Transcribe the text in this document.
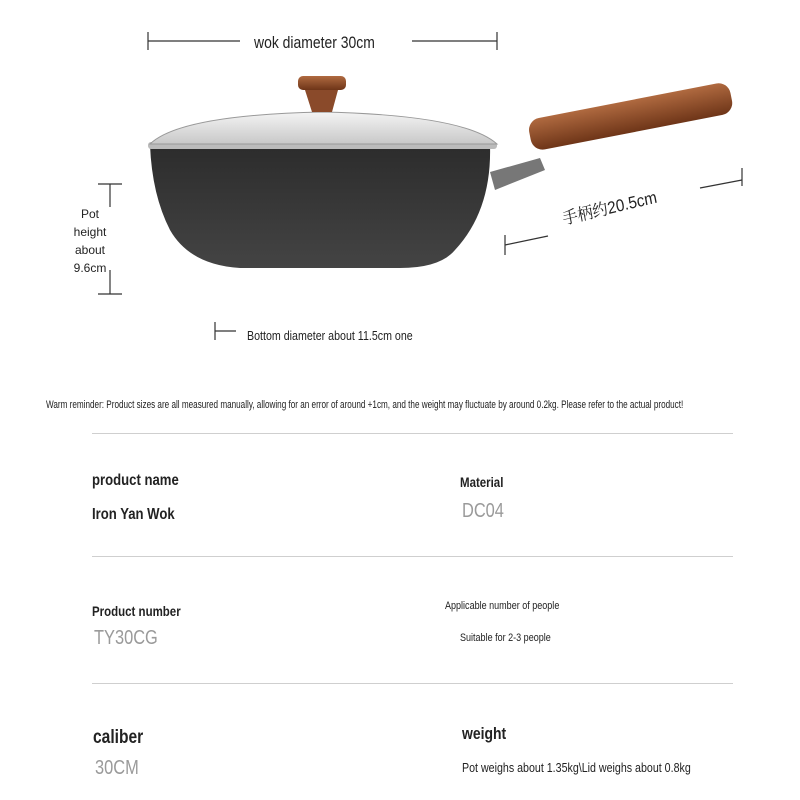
wok diameter 30cm
手柄约20.5cm
Pot
height
about
9.6cm
Bottom diameter about 11.5cm one
Warm reminder: Product sizes are all measured manually, allowing for an error of around +1cm, and the weight may fluctuate by around 0.2kg. Please refer to the actual product!
product name
Iron Yan Wok
Material
DC04
Product number
TY30CG
Applicable number of people
Suitable for 2-3 people
caliber
30CM
weight
Pot weighs about 1.35kg\Lid weighs about 0.8kg
